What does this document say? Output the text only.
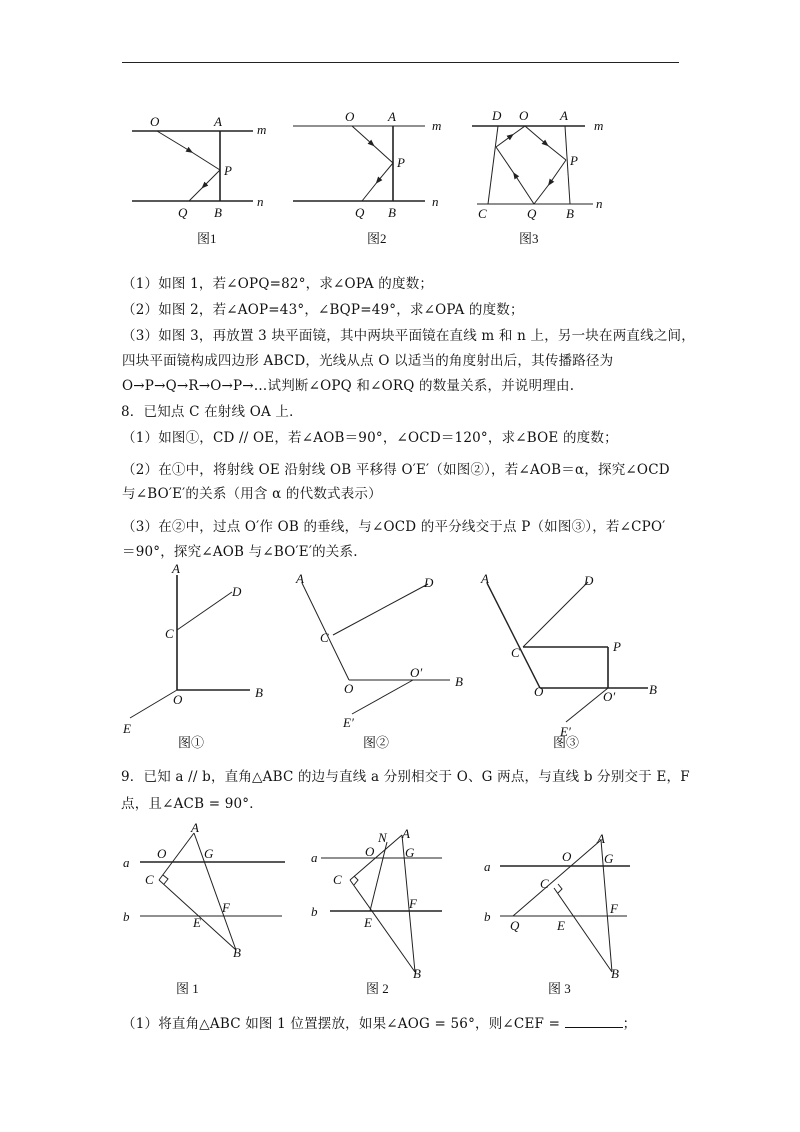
（1）如图 1，若∠OPQ=82°，求∠OPA 的度数；
（2）如图 2，若∠AOP=43°，∠BQP=49°，求∠OPA 的度数；
（3）如图 3，再放置 3 块平面镜，其中两块平面镜在直线 m 和 n 上，另一块在两直线之间，
四块平面镜构成四边形 ABCD，光线从点 O 以适当的角度射出后，其传播路径为
O→P→Q→R→O→P→…试判断∠OPQ 和∠ORQ 的数量关系，并说明理由.
8．已知点 C 在射线 OA 上．
（1）如图①，CD // OE，若∠AOB＝90°，∠OCD＝120°，求∠BOE 的度数；
（2）在①中，将射线 OE 沿射线 OB 平移得 O′E′（如图②），若∠AOB＝α，探究∠OCD
与∠BO′E′的关系（用含 α 的代数式表示）
（3）在②中，过点 O′作 OB 的垂线，与∠OCD 的平分线交于点 P（如图③），若∠CPO′
＝90°，探究∠AOB 与∠BO′E′的关系.
9．已知 a // b，直角△ABC 的边与直线 a 分别相交于 O、G 两点，与直线 b 分别交于 E，F
点，且∠ACB = 90°．
（1）将直角△ABC 如图 1 位置摆放，如果∠AOG = 56°，则∠CEF =	；
图1
O	A
m
P
Q B
n
图2
O	A
m
P
Q B
n
图3
D O A
m
P
C	Q B
n
图①
A
D
C
O	B
E
图②
A	D
C
O
O′
B
E′
图③
A	D
C	P
O	O′	B
E′
图 1
A
a
O	G
C
b
F
E
B
图 2
A
N
a	O G
C
b
F
E
B
图 3
A
a
O	G
C
b
F
Q	E
B
